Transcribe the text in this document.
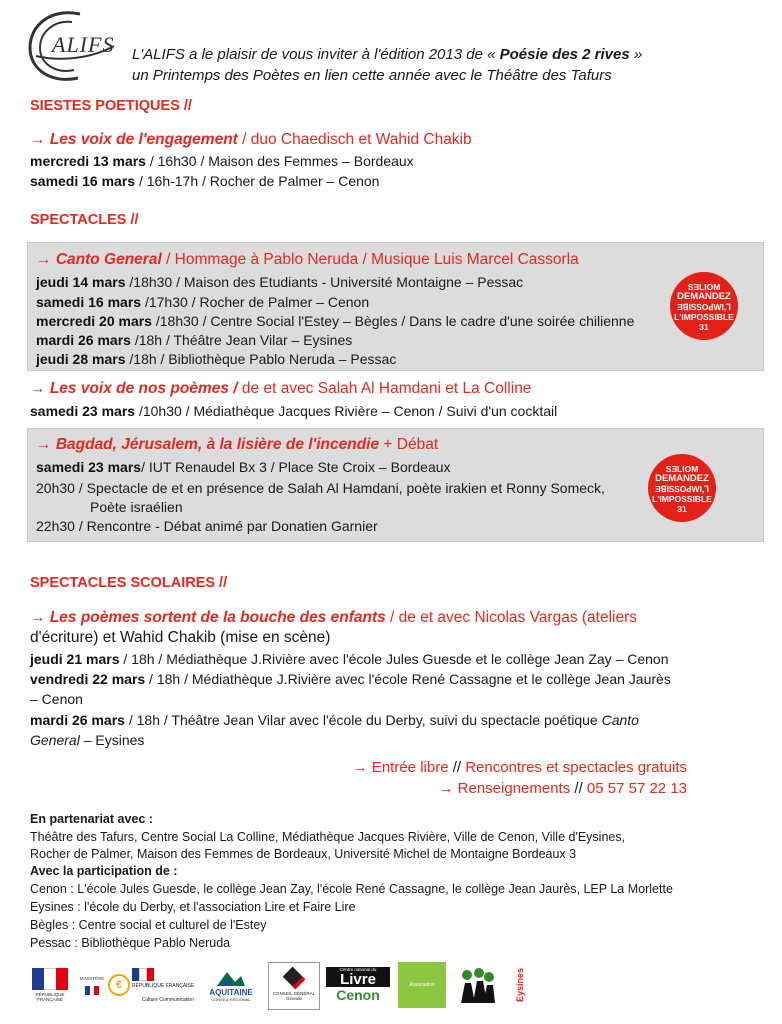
ALIFS L'ALIFS a le plaisir de vous inviter à l'édition 2013 de « Poésie des 2 rives »
un Printemps des Poètes en lien cette année avec le Théâtre des Tafurs
SIESTES POETIQUES //
→ Les voix de l'engagement / duo Chaedisch et Wahid Chakib
mercredi 13 mars / 16h30 / Maison des Femmes – Bordeaux
samedi 16 mars / 16h-17h / Rocher de Palmer – Cenon
SPECTACLES //
→ Canto General / Hommage à Pablo Neruda / Musique Luis Marcel Cassorla
jeudi 14 mars /18h30 / Maison des Etudiants - Université Montaigne – Pessac
samedi 16 mars /17h30 / Rocher de Palmer – Cenon
mercredi 20 mars /18h30 / Centre Social l'Estey – Bègles / Dans le cadre d'une soirée chilienne
mardi 26 mars /18h / Théâtre Jean Vilar – Eysines
jeudi 28 mars /18h / Bibliothèque Pablo Neruda – Pessac
SƎLIOM
DEMANDEZ
ƎꓭIꓢꓢOꓒWI,Ꞁ
L'IMPOSSIBLE
31
→ Les voix de nos poèmes / de et avec Salah Al Hamdani et La Colline
samedi 23 mars /10h30 / Médiathèque Jacques Rivière – Cenon / Suivi d'un cocktail
→ Bagdad, Jérusalem, à la lisière de l'incendie + Débat
samedi 23 mars/ IUT Renaudel Bx 3 / Place Ste Croix – Bordeaux
20h30 / Spectacle de et en présence de Salah Al Hamdani, poète irakien et Ronny Someck,
Poète israélien
22h30 / Rencontre - Débat animé par Donatien Garnier
SƎLIOM
DEMANDEZ
ƎꓭIꓢꓢOꓒWI,Ꞁ
L'IMPOSSIBLE
31
SPECTACLES SCOLAIRES //
→ Les poèmes sortent de la bouche des enfants / de et avec Nicolas Vargas (ateliers
d'écriture) et Wahid Chakib (mise en scène)
jeudi 21 mars / 18h / Médiathèque J.Rivière avec l'école Jules Guesde et le collège Jean Zay – Cenon
vendredi 22 mars / 18h / Médiathèque J.Rivière avec l'école René Cassagne et le collège Jean Jaurès
– Cenon
mardi 26 mars / 18h / Théâtre Jean Vilar avec l'école du Derby, suivi du spectacle poétique Canto
General – Eysines
→ Entrée libre // Rencontres et spectacles gratuits
→ Renseignements // 05 57 57 22 13
En partenariat avec :
Théâtre des Tafurs, Centre Social La Colline, Médiathèque Jacques Rivière, Ville de Cenon, Ville d'Eysines,
Rocher de Palmer, Maison des Femmes de Bordeaux, Université Michel de Montaigne Bordeaux 3
Avec la participation de :
Cenon : L'école Jules Guesde, le collège Jean Zay, l'école René Cassagne, le collège Jean Jaurès, LEP La Morlette
Eysines : l'école du Derby, et l'association Lire et Faire Lire
Bègles : Centre social et culturel de l'Estey
Pessac : Bibliothèque Pablo Neruda
RÉPUBLIQUE FRANÇAISE
MINISTÈRE
€	RÉPUBLIQUE FRANÇAISE
Culture Communication
AQUITAINE
CONSEIL RÉGIONAL
CONSEIL GÉNÉRAL Gironde
Centre national du
Livre
Cenon
Association	Eysines
